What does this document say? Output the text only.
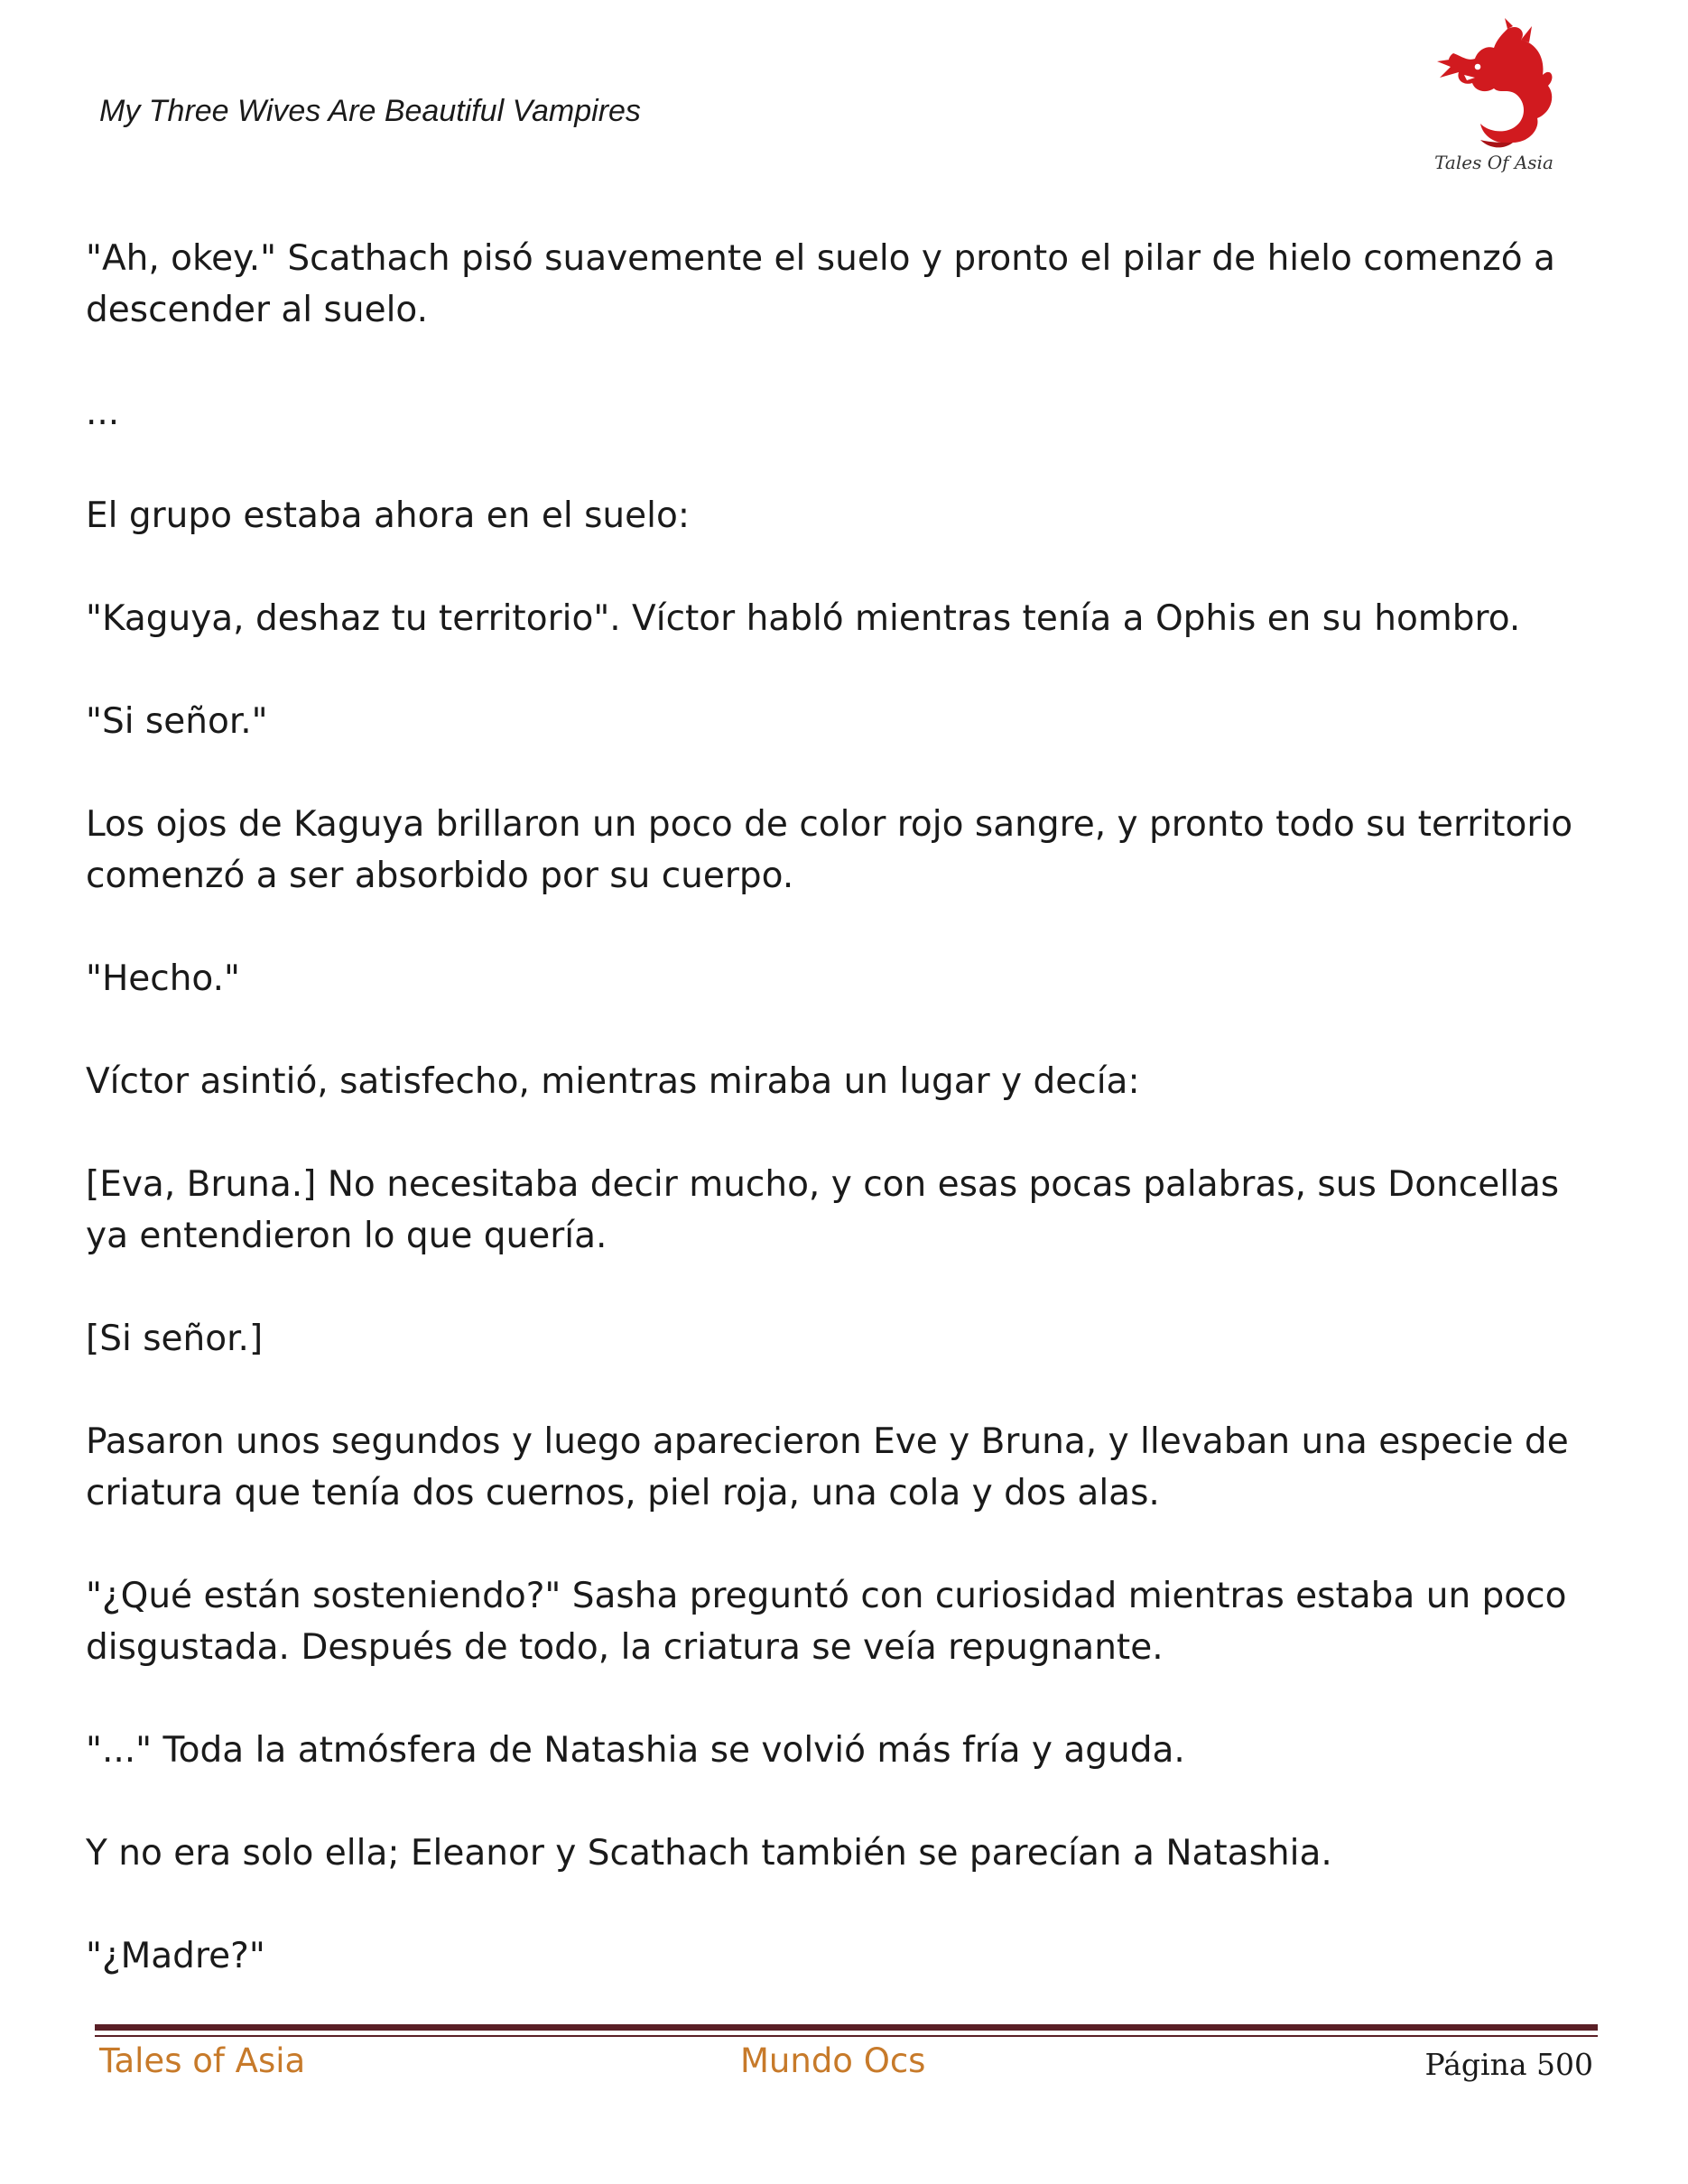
My Three Wives Are Beautiful Vampires
Tales Of Asia

"Ah, okey." Scathach pisó suavemente el suelo y pronto el pilar de hielo comenzó a descender al suelo.

...

El grupo estaba ahora en el suelo:

"Kaguya, deshaz tu territorio". Víctor habló mientras tenía a Ophis en su hombro.

"Si señor."

Los ojos de Kaguya brillaron un poco de color rojo sangre, y pronto todo su territorio comenzó a ser absorbido por su cuerpo.

"Hecho."

Víctor asintió, satisfecho, mientras miraba un lugar y decía:

[Eva, Bruna.] No necesitaba decir mucho, y con esas pocas palabras, sus Doncellas ya entendieron lo que quería.

[Si señor.]

Pasaron unos segundos y luego aparecieron Eve y Bruna, y llevaban una especie de criatura que tenía dos cuernos, piel roja, una cola y dos alas.

"¿Qué están sosteniendo?" Sasha preguntó con curiosidad mientras estaba un poco disgustada. Después de todo, la criatura se veía repugnante.

"..." Toda la atmósfera de Natashia se volvió más fría y aguda.

Y no era solo ella; Eleanor y Scathach también se parecían a Natashia.

"¿Madre?"

Tales of Asia	Mundo Ocs	Página 500
